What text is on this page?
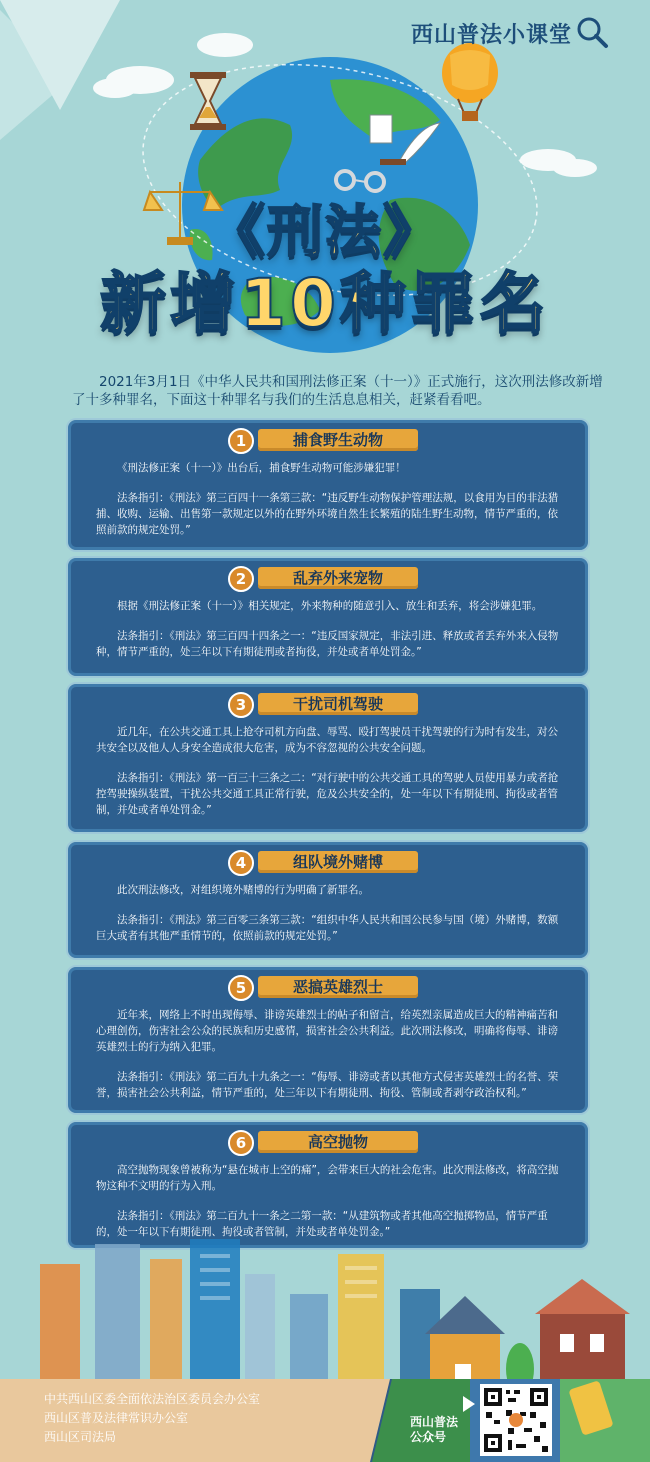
西山普法小课堂
《刑法》
新增10种罪名
2021年3月1日《中华人民共和国刑法修正案（十一）》正式施行，这次刑法修改新增了十多种罪名，下面这十种罪名与我们的生活息息相关，赶紧看看吧。
1	捕食野生动物

《刑法修正案（十一）》出台后，捕食野生动物可能涉嫌犯罪！

法条指引：《刑法》第三百四十一条第三款：“违反野生动物保护管理法规，以食用为目的非法猎捕、收购、运输、出售第一款规定以外的在野外环境自然生长繁殖的陆生野生动物，情节严重的，依照前款的规定处罚。”

2	乱弃外来宠物

根据《刑法修正案（十一）》相关规定，外来物种的随意引入、放生和丢弃，将会涉嫌犯罪。

法条指引：《刑法》第三百四十四条之一：“违反国家规定，非法引进、释放或者丢弃外来入侵物种，情节严重的，处三年以下有期徒刑或者拘役，并处或者单处罚金。”

3	干扰司机驾驶

近几年，在公共交通工具上抢夺司机方向盘、辱骂、殴打驾驶员干扰驾驶的行为时有发生，对公共安全以及他人人身安全造成很大危害，成为不容忽视的公共安全问题。

法条指引：《刑法》第一百三十三条之二：“对行驶中的公共交通工具的驾驶人员使用暴力或者抢控驾驶操纵装置，干扰公共交通工具正常行驶，危及公共安全的，处一年以下有期徒刑、拘役或者管制，并处或者单处罚金。”

4	组队境外赌博

此次刑法修改，对组织境外赌博的行为明确了新罪名。

法条指引：《刑法》第三百零三条第三款：“组织中华人民共和国公民参与国（境）外赌博，数额巨大或者有其他严重情节的，依照前款的规定处罚。”

5	恶搞英雄烈士

近年来，网络上不时出现侮辱、诽谤英雄烈士的帖子和留言，给英烈亲属造成巨大的精神痛苦和心理创伤，伤害社会公众的民族和历史感情，损害社会公共利益。此次刑法修改，明确将侮辱、诽谤英雄烈士的行为纳入犯罪。

法条指引：《刑法》第二百九十九条之一：“侮辱、诽谤或者以其他方式侵害英雄烈士的名誉、荣誉，损害社会公共利益，情节严重的，处三年以下有期徒刑、拘役、管制或者剥夺政治权利。”

6	高空抛物

高空抛物现象曾被称为“悬在城市上空的痛”，会带来巨大的社会危害。此次刑法修改，将高空抛物这种不文明的行为入刑。

法条指引：《刑法》第二百九十一条之二第一款：“从建筑物或者其他高空抛掷物品，情节严重的，处一年以下有期徒刑、拘役或者管制，并处或者单处罚金。”

中共西山区委全面依法治区委员会办公室
西山区普及法律常识办公室
西山区司法局
西山普法
公众号
